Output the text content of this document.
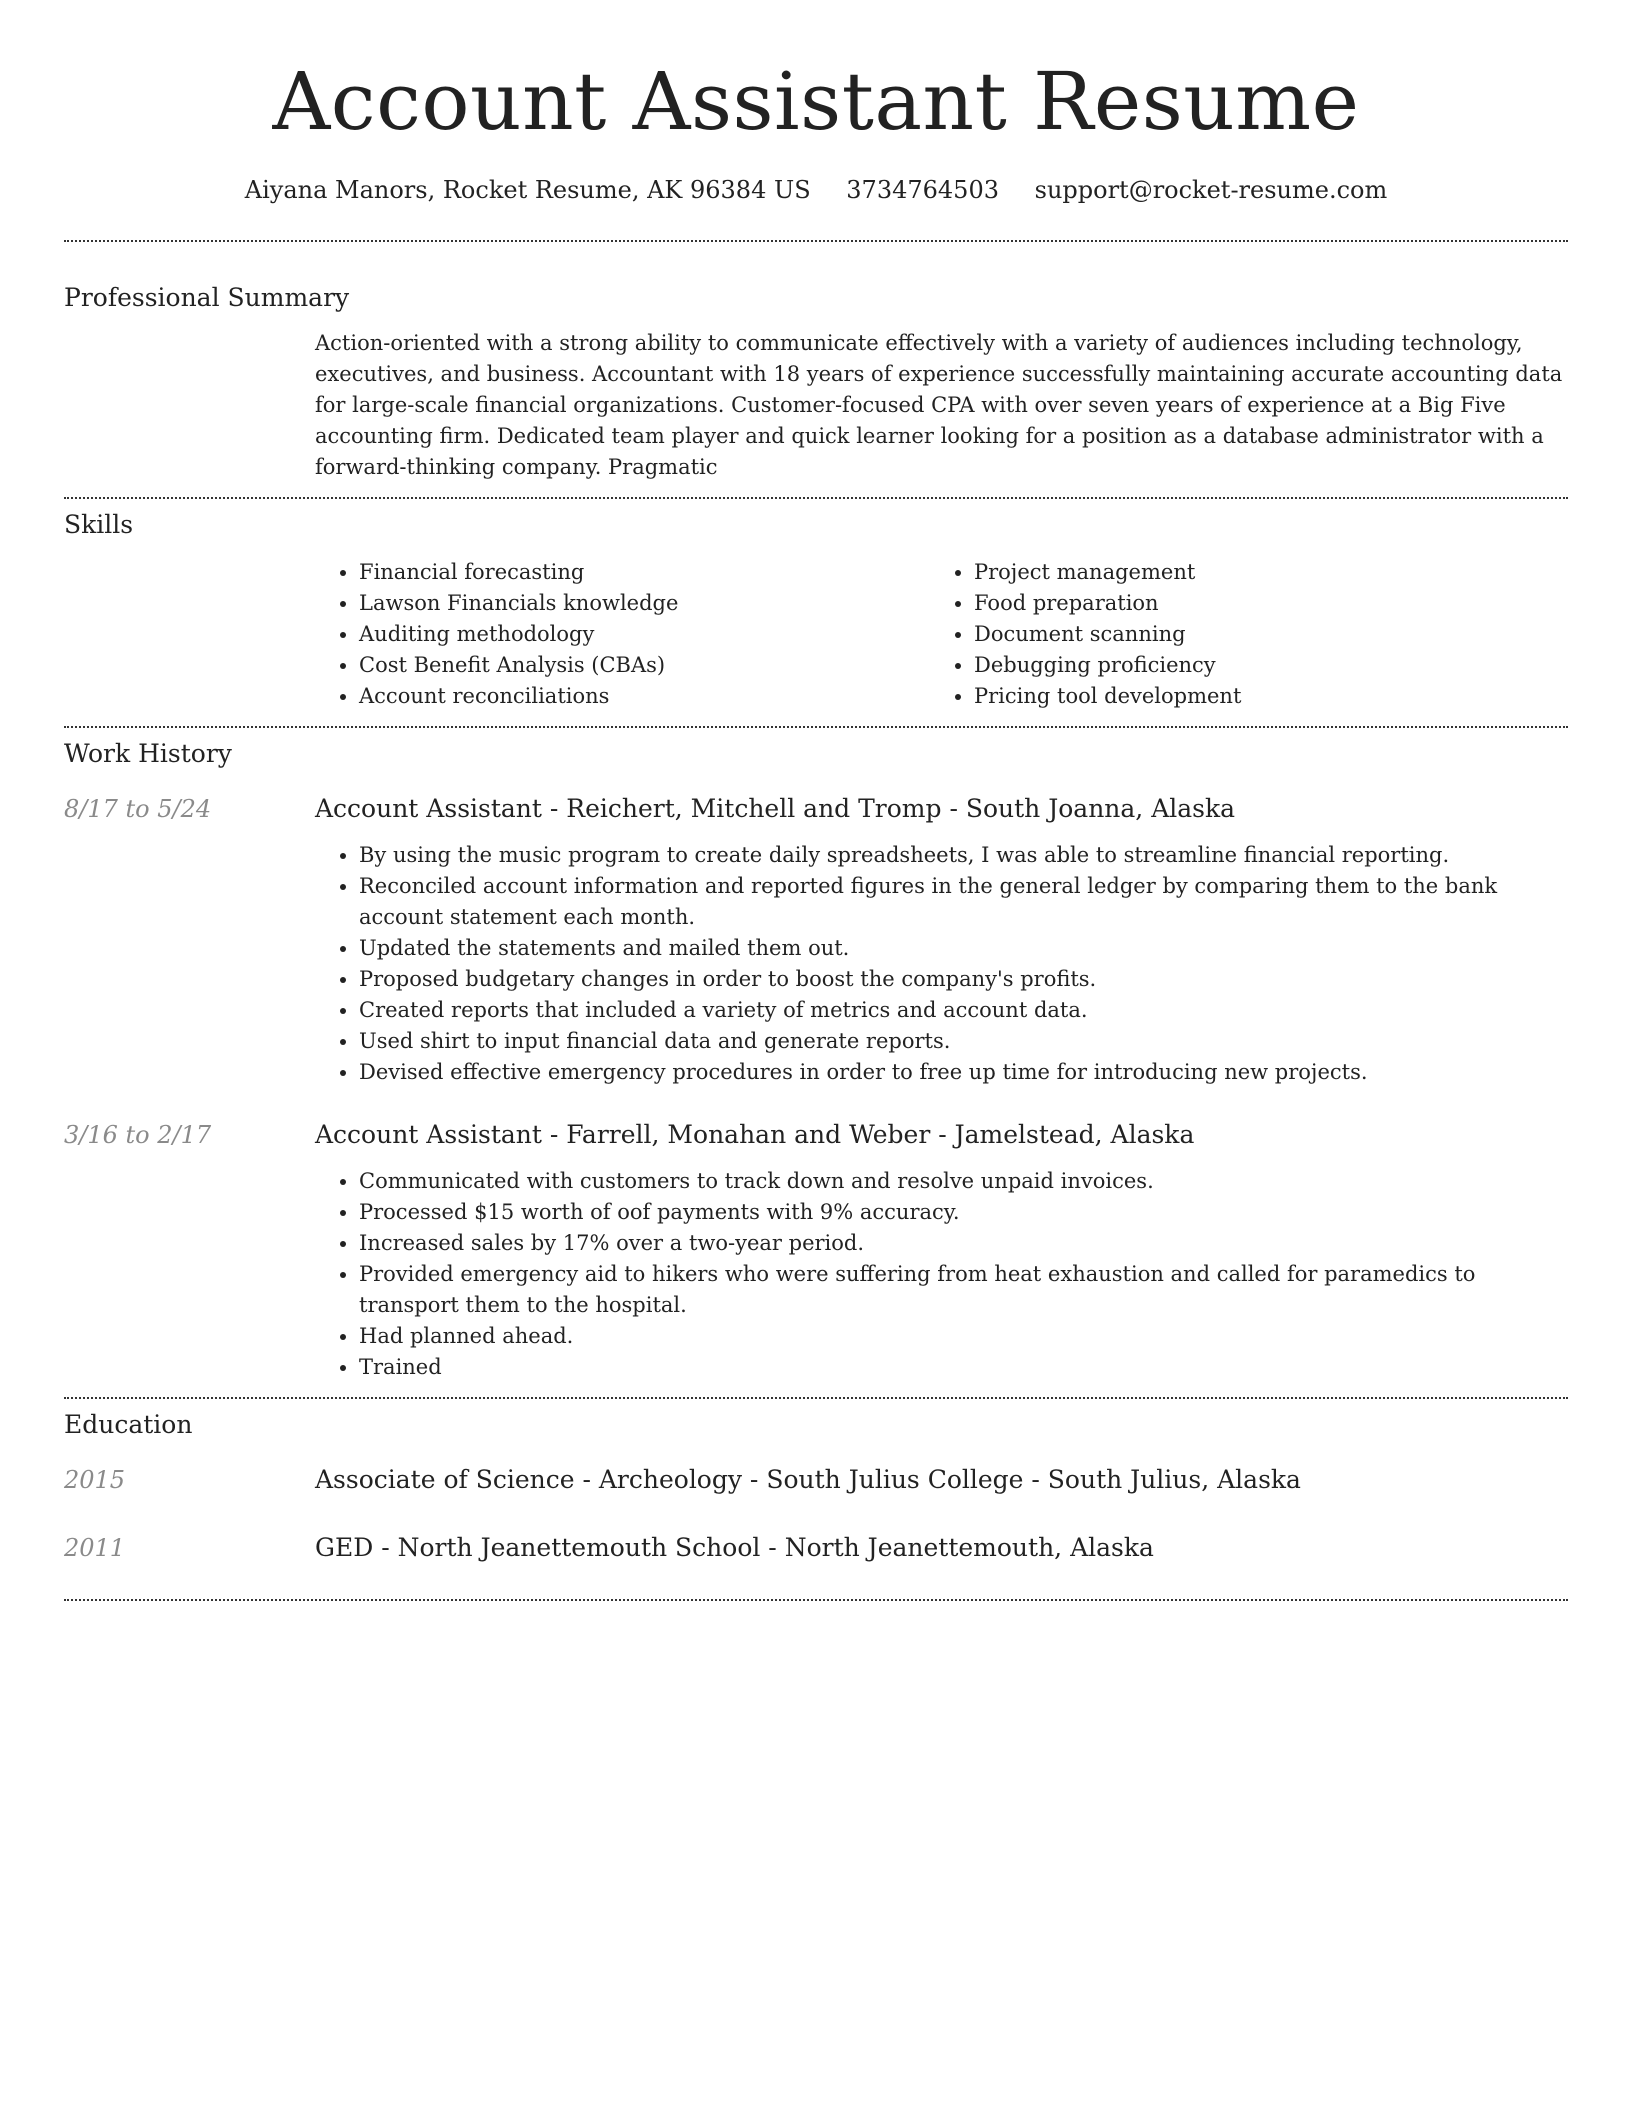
Account Assistant Resume
Aiyana Manors, Rocket Resume, AK 96384 US 3734764503 support@rocket-resume.com
Professional Summary

Action-oriented with a strong ability to communicate effectively with a variety of audiences including technology, executives, and business. Accountant with 18 years of experience successfully maintaining accurate accounting data for large-scale financial organizations. Customer-focused CPA with over seven years of experience at a Big Five accounting firm. Dedicated team player and quick learner looking for a position as a database administrator with a forward-thinking company. Pragmatic

Skills
• Financial forecasting
• Lawson Financials knowledge
• Auditing methodology
• Cost Benefit Analysis (CBAs)
• Account reconciliations
• Project management
• Food preparation
• Document scanning
• Debugging proficiency
• Pricing tool development
Work History
8/17 to 5/24	Account Assistant - Reichert, Mitchell and Tromp - South Joanna, Alaska
• By using the music program to create daily spreadsheets, I was able to streamline financial reporting.
• Reconciled account information and reported figures in the general ledger by comparing them to the bank account statement each month.
• Updated the statements and mailed them out.
• Proposed budgetary changes in order to boost the company's profits.
• Created reports that included a variety of metrics and account data.
• Used shirt to input financial data and generate reports.
• Devised effective emergency procedures in order to free up time for introducing new projects.
3/16 to 2/17	Account Assistant - Farrell, Monahan and Weber - Jamelstead, Alaska
• Communicated with customers to track down and resolve unpaid invoices.
• Processed $15 worth of oof payments with 9% accuracy.
• Increased sales by 17% over a two-year period.
• Provided emergency aid to hikers who were suffering from heat exhaustion and called for paramedics to transport them to the hospital.
• Had planned ahead.
• Trained
Education
2015	Associate of Science - Archeology - South Julius College - South Julius, Alaska
2011	GED - North Jeanettemouth School - North Jeanettemouth, Alaska
